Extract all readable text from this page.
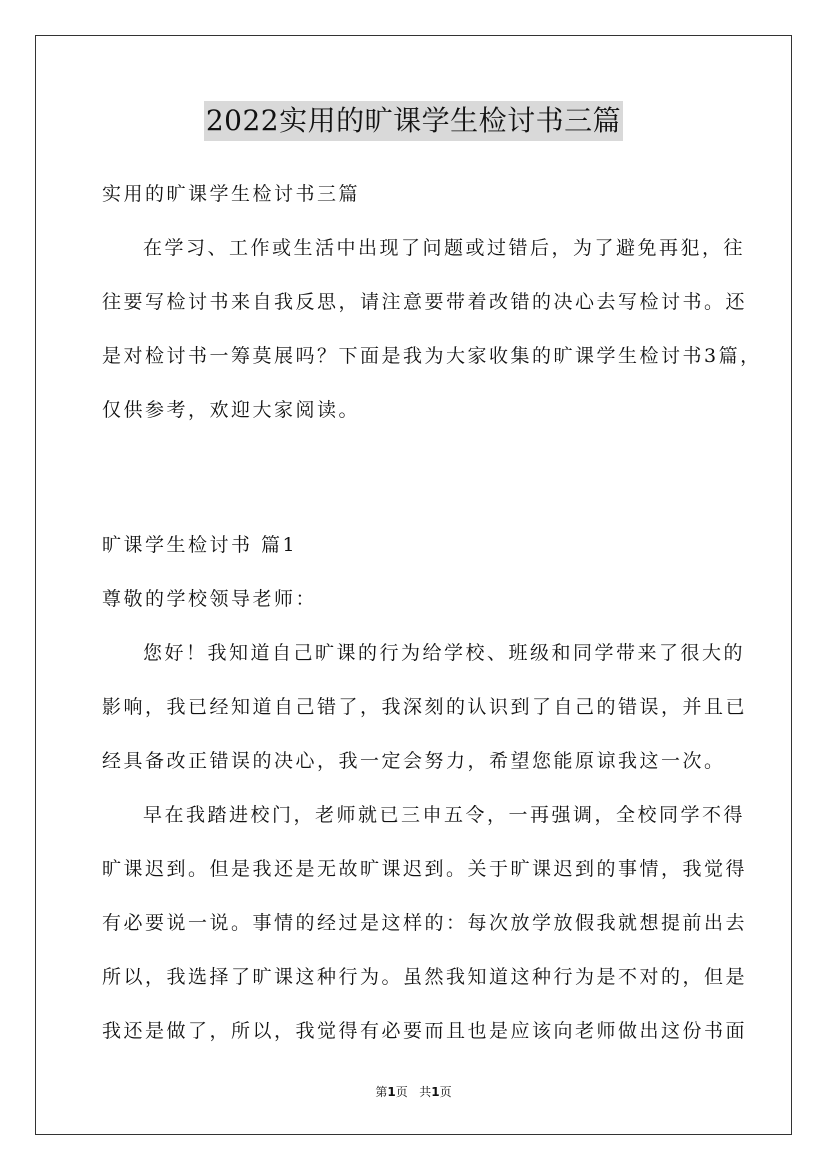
2022实用的旷课学生检讨书三篇

实用的旷课学生检讨书三篇

在学习、工作或生活中出现了问题或过错后，为了避免再犯，往

往要写检讨书来自我反思，请注意要带着改错的决心去写检讨书。还

是对检讨书一筹莫展吗？下面是我为大家收集的旷课学生检讨书3篇，

仅供参考，欢迎大家阅读。

旷课学生检讨书 篇1

尊敬的学校领导老师：

您好！我知道自己旷课的行为给学校、班级和同学带来了很大的

影响，我已经知道自己错了，我深刻的认识到了自己的错误，并且已

经具备改正错误的决心，我一定会努力，希望您能原谅我这一次。

早在我踏进校门，老师就已三申五令，一再强调，全校同学不得

旷课迟到。但是我还是无故旷课迟到。关于旷课迟到的事情，我觉得

有必要说一说。事情的经过是这样的：每次放学放假我就想提前出去

所以，我选择了旷课这种行为。虽然我知道这种行为是不对的，但是

我还是做了，所以，我觉得有必要而且也是应该向老师做出这份书面

第1页 共1页
